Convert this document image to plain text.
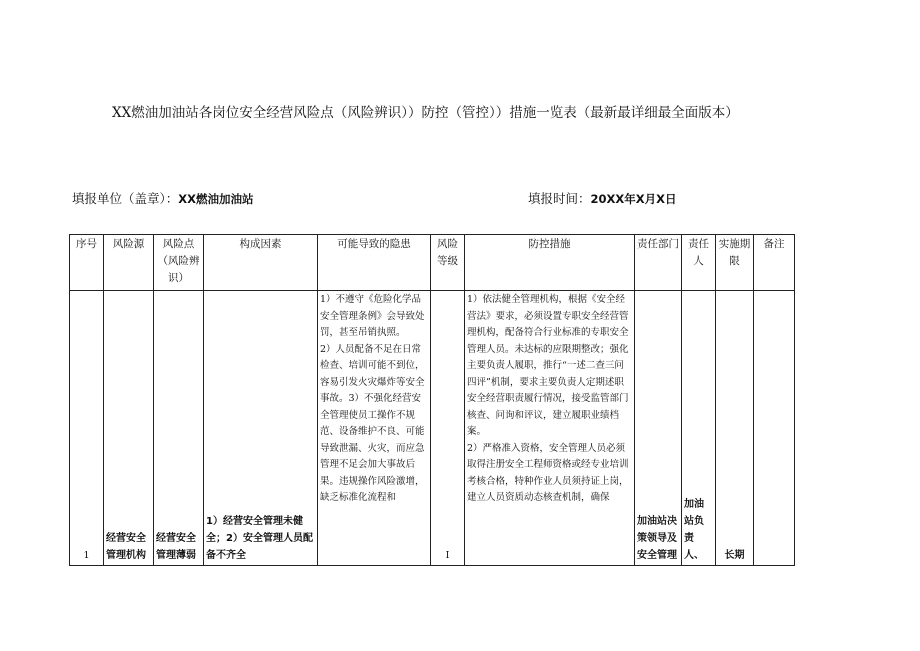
XX燃油加油站各岗位安全经营风险点（风险辨识））防控（管控））措施一览表（最新最详细最全面版本）
填报单位（盖章）：XX燃油加油站	填报时间：20XX年X月X日
序号	风险源	风险点（风险辨识）	构成因素	可能导致的隐患	风险等级	防控措施	责任部门	责任人	实施期限	备注
1	经营安全管理机构	经营安全管理薄弱	1）经营安全管理未健全；2）安全管理人员配备不齐全	1）不遵守《危险化学品安全管理条例》会导致处罚，甚至吊销执照。
2）人员配备不足在日常检查、培训可能不到位，容易引发火灾爆炸等安全事故。3）不强化经营安全管理使员工操作不规范、设备维护不良、可能导致泄漏、火灾，而应急管理不足会加大事故后果。违规操作风险激增，缺乏标准化流程和	I	1）依法健全管理机构，根据《安全经营法》要求，必须设置专职安全经营管理机构，配备符合行业标准的专职安全管理人员。未达标的应限期整改；强化主要负责人履职，推行“一述二查三问四评”机制，要求主要负责人定期述职安全经营职责履行情况，接受监管部门核查、问询和评议，建立履职业绩档案。
2）严格准入资格，安全管理人员必须取得注册安全工程师资格或经专业培训考核合格，特种作业人员须持证上岗，建立人员资质动态核查机制，确保	加油站决策领导及安全管理	加油站负责人、	长期	
